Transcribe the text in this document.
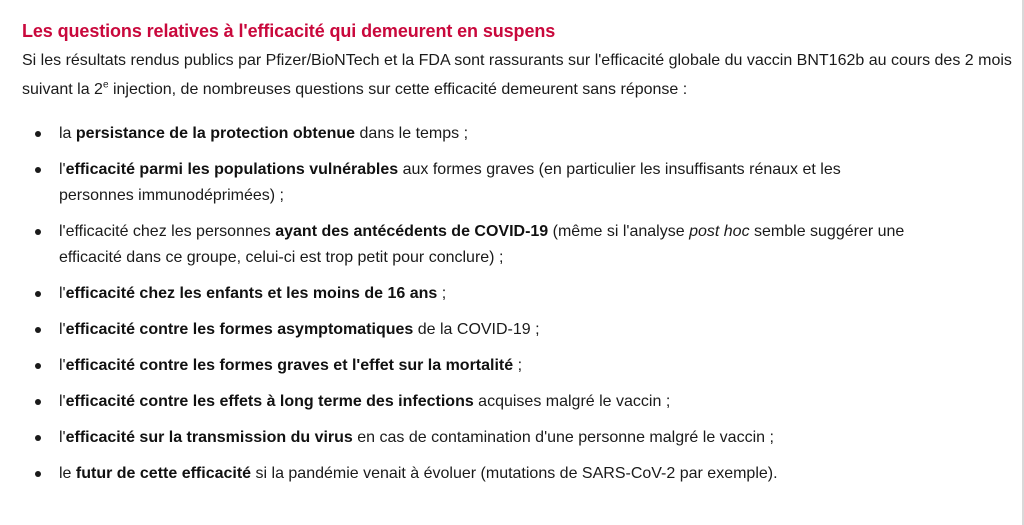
Les questions relatives à l'efficacité qui demeurent en suspens

Si les résultats rendus publics par Pfizer/BioNTech et la FDA sont rassurants sur l'efficacité globale du vaccin BNT162b au cours des 2 mois suivant la 2e injection, de nombreuses questions sur cette efficacité demeurent sans réponse :

la persistance de la protection obtenue dans le temps ;
l'efficacité parmi les populations vulnérables aux formes graves (en particulier les insuffisants rénaux et les personnes immunodéprimées) ;
l'efficacité chez les personnes ayant des antécédents de COVID-19 (même si l'analyse post hoc semble suggérer une efficacité dans ce groupe, celui-ci est trop petit pour conclure) ;
l'efficacité chez les enfants et les moins de 16 ans ;
l'efficacité contre les formes asymptomatiques de la COVID-19 ;
l'efficacité contre les formes graves et l'effet sur la mortalité ;
l'efficacité contre les effets à long terme des infections acquises malgré le vaccin ;
l'efficacité sur la transmission du virus en cas de contamination d'une personne malgré le vaccin ;
le futur de cette efficacité si la pandémie venait à évoluer (mutations de SARS-CoV-2 par exemple).
